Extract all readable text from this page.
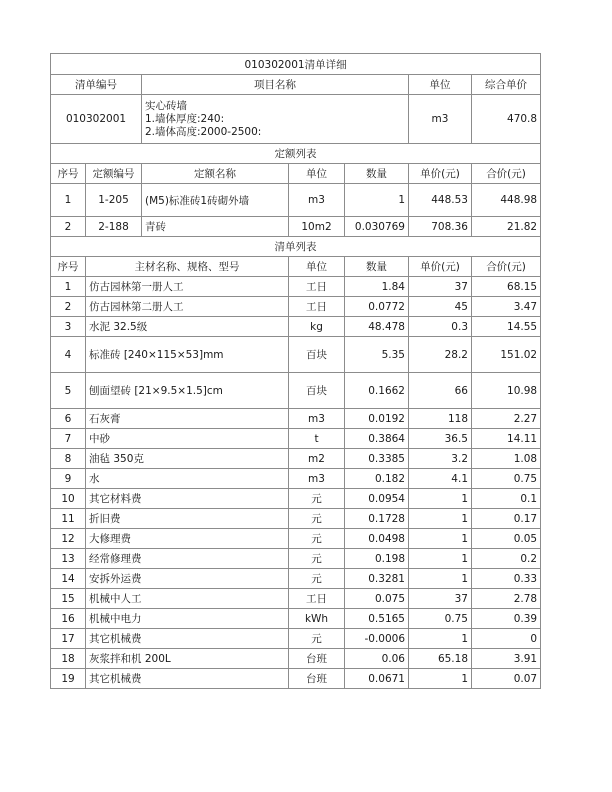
010302001清单详细						
清单编号		项目名称			单位	综合单价
010302001		实心砖墙
1.墙体厚度:240:
2.墙体高度:2000-2500:			m3	470.8
定额列表						
序号	定额编号	定额名称	单位	数量	单价(元)	合价(元)
1	1-205	(M5)标准砖1砖砌外墙	m3	1	448.53	448.98
2	2-188	青砖	10m2	0.030769	708.36	21.82
清单列表						
序号	主材名称、规格、型号		单位	数量	单价(元)	合价(元)
1	仿古园林第一册人工		工日	1.84	37	68.15
2	仿古园林第二册人工		工日	0.0772	45	3.47
3	水泥 32.5级		kg	48.478	0.3	14.55
4	标准砖 [240×115×53]mm		百块	5.35	28.2	151.02
5	刨面望砖 [21×9.5×1.5]cm		百块	0.1662	66	10.98
6	石灰膏		m3	0.0192	118	2.27
7	中砂		t	0.3864	36.5	14.11
8	油毡 350克		m2	0.3385	3.2	1.08
9	水		m3	0.182	4.1	0.75
10	其它材料费		元	0.0954	1	0.1
11	折旧费		元	0.1728	1	0.17
12	大修理费		元	0.0498	1	0.05
13	经常修理费		元	0.198	1	0.2
14	安拆外运费		元	0.3281	1	0.33
15	机械中人工		工日	0.075	37	2.78
16	机械中电力		kWh	0.5165	0.75	0.39
17	其它机械费		元	-0.0006	1	0
18	灰浆拌和机 200L		台班	0.06	65.18	3.91
19	其它机械费		台班	0.0671	1	0.07
